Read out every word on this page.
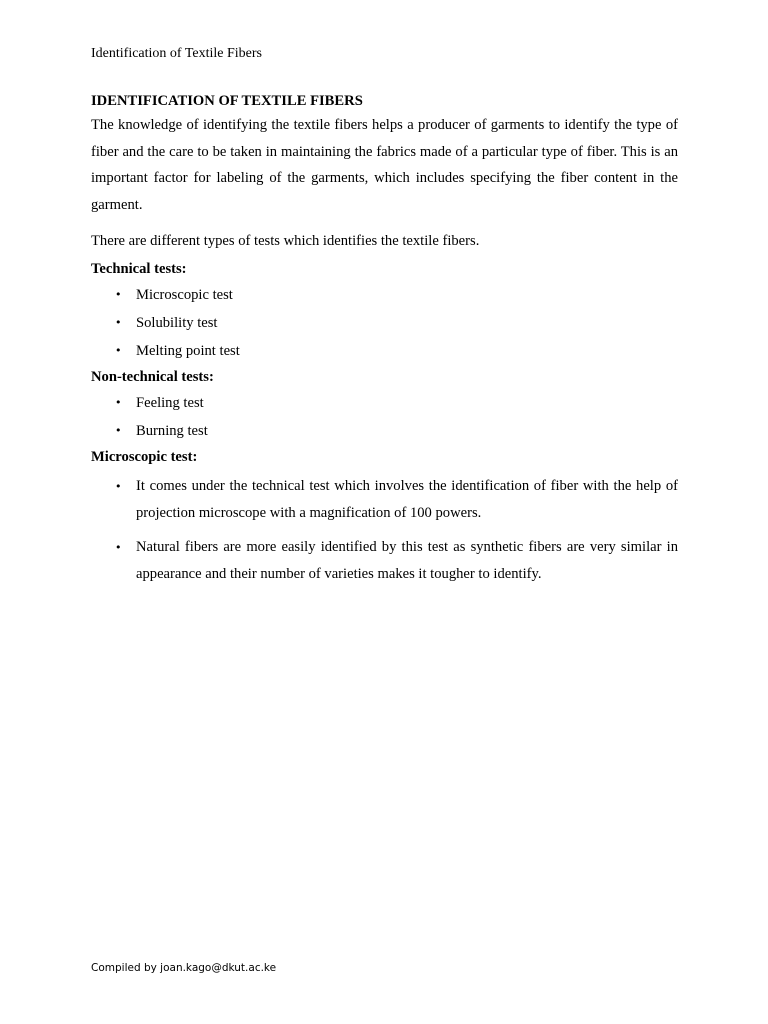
Identification of Textile Fibers
IDENTIFICATION OF TEXTILE FIBERS

The knowledge of identifying the textile fibers helps a producer of garments to identify the type of fiber and the care to be taken in maintaining the fabrics made of a particular type of fiber. This is an important factor for labeling of the garments, which includes specifying the fiber content in the garment.

There are different types of tests which identifies the textile fibers.

Technical tests:
• Microscopic test
• Solubility test
• Melting point test
Non-technical tests:
• Feeling test
• Burning test
Microscopic test:
• It comes under the technical test which involves the identification of fiber with the help of projection microscope with a magnification of 100 powers.
• Natural fibers are more easily identified by this test as synthetic fibers are very similar in appearance and their number of varieties makes it tougher to identify.
Compiled by joan.kago@dkut.ac.ke
